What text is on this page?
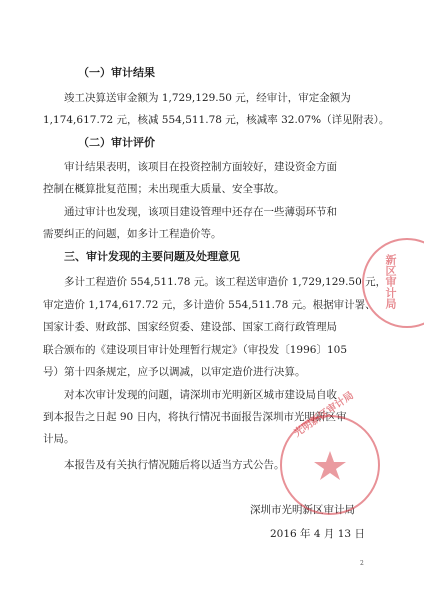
（一）审计结果
竣工决算送审金额为 1,729,129.50 元，经审计，审定金额为
1,174,617.72 元，核减 554,511.78 元，核减率 32.07%（详见附表）。
（二）审计评价
审计结果表明，该项目在投资控制方面较好，建设资金方面
控制在概算批复范围；未出现重大质量、安全事故。
通过审计也发现，该项目建设管理中还存在一些薄弱环节和
需要纠正的问题，如多计工程造价等。
三、审计发现的主要问题及处理意见
多计工程造价 554,511.78 元。该工程送审造价 1,729,129.50 元，
审定造价 1,174,617.72 元，多计造价 554,511.78 元。根据审计署、
国家计委、财政部、国家经贸委、建设部、国家工商行政管理局
联合颁布的《建设项目审计处理暂行规定》（审投发〔1996〕105
号）第十四条规定，应予以调减，以审定造价进行决算。
对本次审计发现的问题，请深圳市光明新区城市建设局自收
到本报告之日起 90 日内，将执行情况书面报告深圳市光明新区审
计局。
本报告及有关执行情况随后将以适当方式公告。
深圳市光明新区审计局
2016 年 4 月 13 日
2
新区审计局
光明新区审计局
